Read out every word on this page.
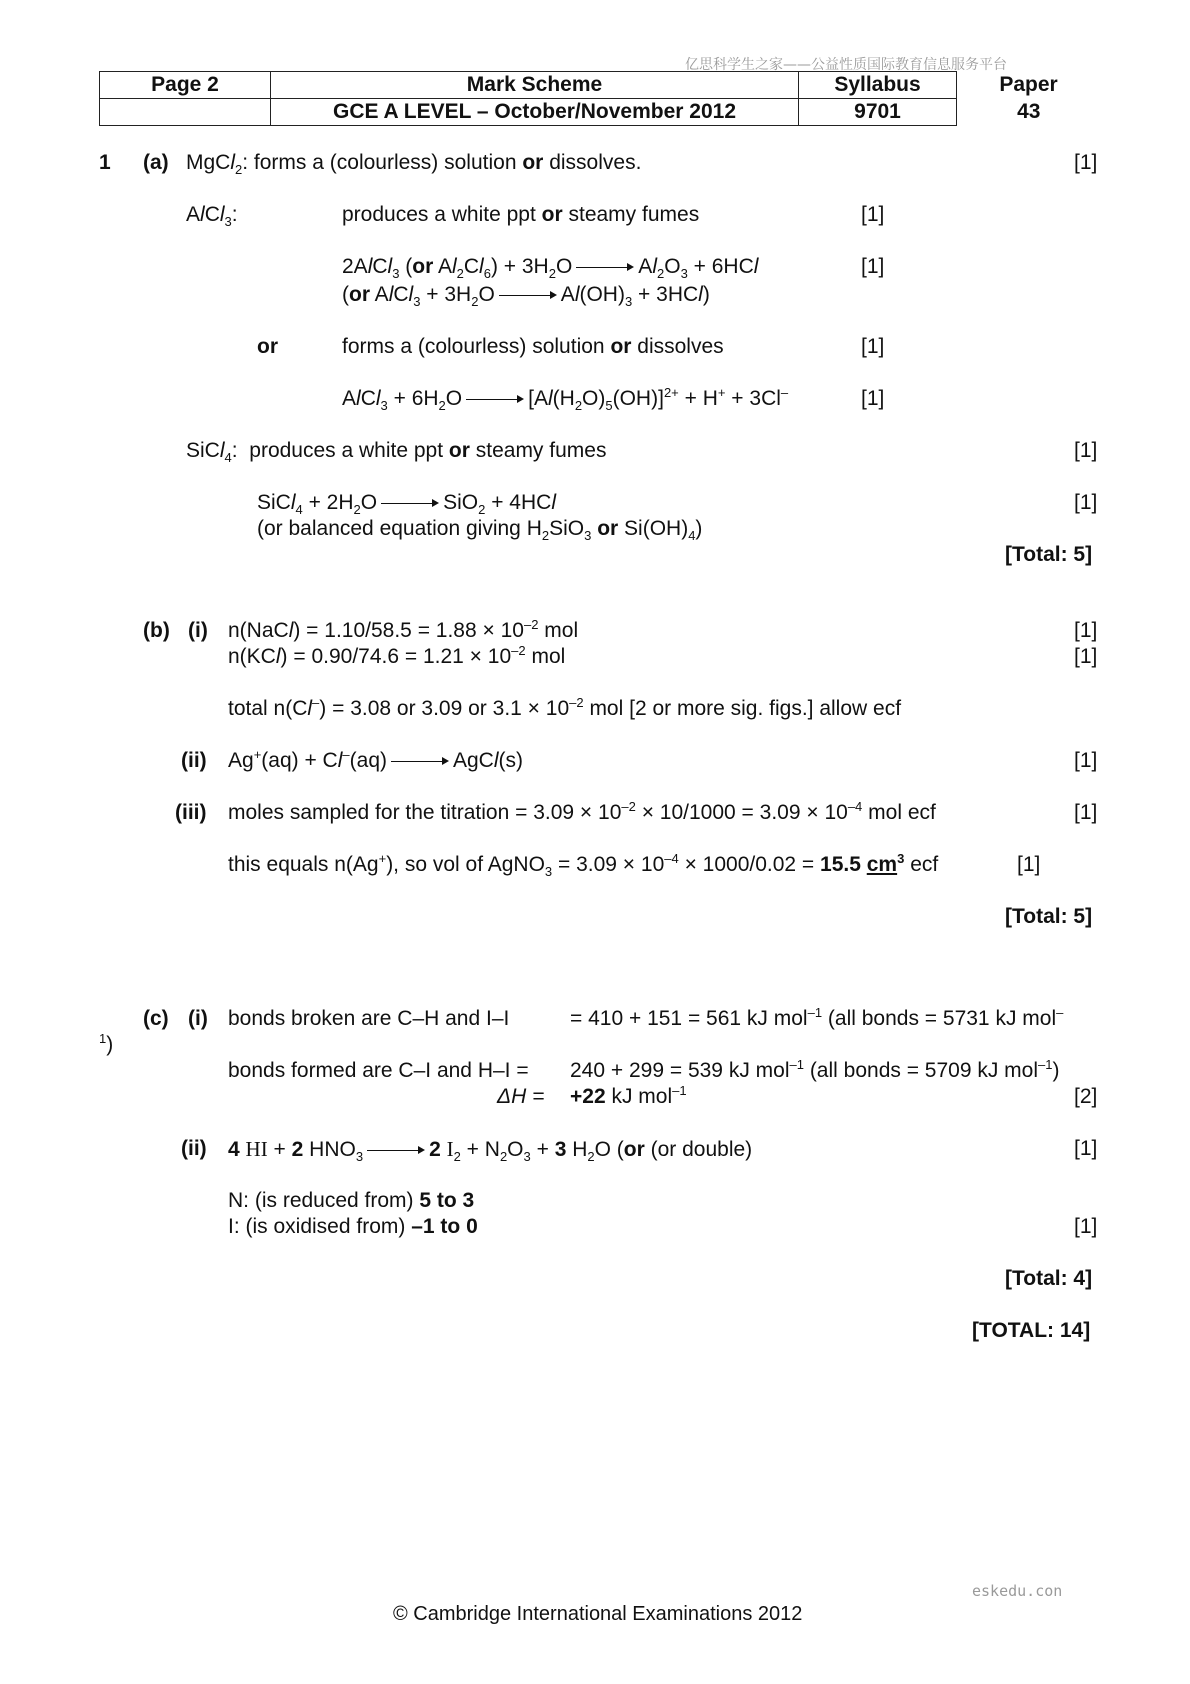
亿思科学生之家——公益性质国际教育信息服务平台
Page 2	Mark Scheme	Syllabus	Paper
	GCE A LEVEL – October/November 2012	9701	43
1 (a) MgCl$_2$: forms a (colourless) solution or dissolves.	[1]
AlCl$_3$:	produces a white ppt or steamy fumes	[1]
2AlCl$_3$ (or $Al_2Cl_6) + 3H_2O$	$Al_2O_3 + 6HCl$	[1]
(or AlCl$_3$ + $3H_2O$	$Al(OH)_3 + 3HCl$)
or	forms a (colourless) solution or dissolves	[1]
AlCl$_3$ + $6H_2O$	$[Al(H_2O)_5(OH)]^{2+} + H^+ + 3Cl^-$	[1]
SiCl$_4$:  produces a white ppt or steamy fumes	[1]
SiCl$_4$ + $2H_2O$	SiO$_2$ + 4HCl	[1]
(or balanced equation giving $H_2SiO_3$ or $Si(OH)_4$)
[Total: 5]
(b) (i) n(NaCl) = $1.10/58.5 = 1.88 \times 10^{-2}$ mol	[1]
$n(KCl) = 0.90/74.6 = 1.21 \times 10^{-2}$ mol	[1]
total n(Cl–) = 3.08 or 3.09 or $3.1 \times 10^{-2}$ mol [2 or more sig. figs.] allow ecf
(ii) Ag+(aq) + Cl–(aq)	AgCl(s)	[1]
(iii) moles sampled for the titration = $3.09 \times 10^{-2} \times 10/1000 = 3.09 \times 10^{-4}$ mol ecf	[1]
this equals n(Ag+), so vol of AgNO$_3$ = $3.09 \times 10^{-4} \times 1000/0.02 = 15.5$ $cm^3$ ecf	[1]
[Total: 5]
(c) (i) bonds broken are C–H and I–I	= 410 + 151 = 561 kJ mol$^{-1}$ (all bonds = 5731 kJ mol–
$^1$)
bonds formed are C–I and H–I = 240 + 299 = 539 kJ mol$^{-1}$ (all bonds = 5709 kJ mol$^{-1}$)
ΔH = +22 kJ mol$^{-1}$	[2]
(ii) 4 HI + 2 $HNO_3$	2 $I_2 + N_2O_3 + 3$ $H_2O$ (or (or double)	[1]
N: (is reduced from) 5 to 3
I: (is oxidised from) –1 to 0	[1]
[Total: 4]
[TOTAL: 14]
eskedu.con
© Cambridge International Examinations 2012
